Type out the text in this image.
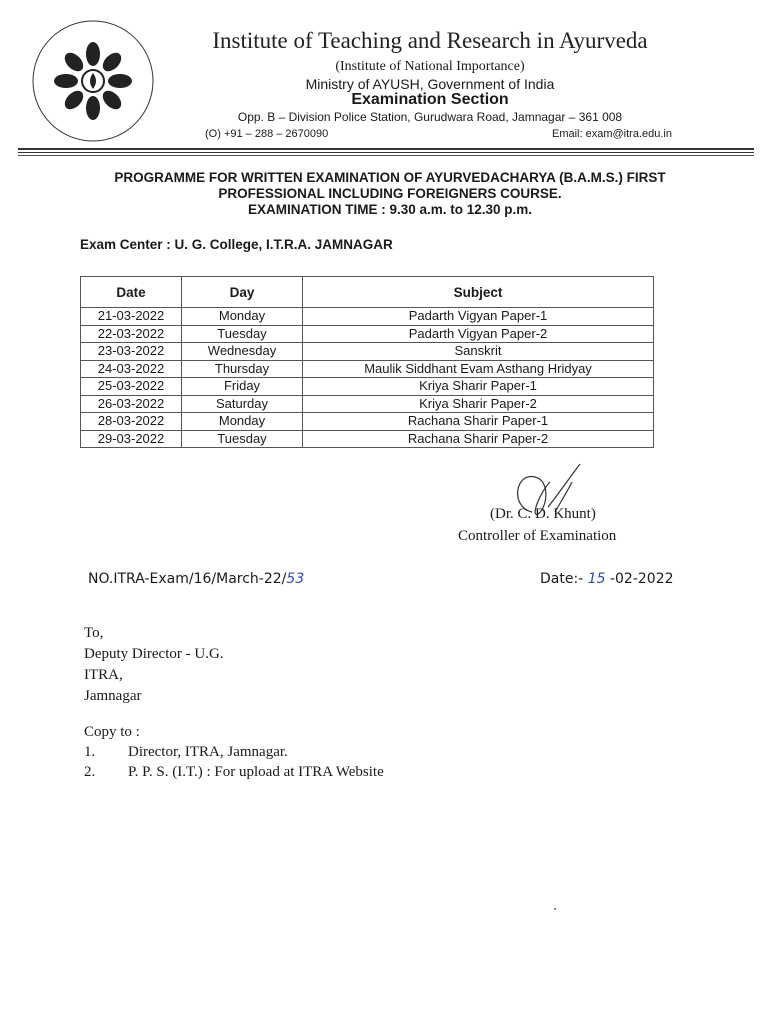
Institute of Teaching and Research in Ayurveda
(Institute of National Importance)
Ministry of AYUSH, Government of India
Examination Section
Opp. B – Division Police Station, Gurudwara Road, Jamnagar – 361 008
(O) +91 – 288 – 2670090	Email: exam@itra.edu.in
PROGRAMME FOR WRITTEN EXAMINATION OF AYURVEDACHARYA (B.A.M.S.) FIRST
PROFESSIONAL INCLUDING FOREIGNERS COURSE.
EXAMINATION TIME : 9.30 a.m. to 12.30 p.m.
Exam Center : U. G. College, I.T.R.A. JAMNAGAR
Date	Day	Subject
21-03-2022	Monday	Padarth Vigyan Paper-1
22-03-2022	Tuesday	Padarth Vigyan Paper-2
23-03-2022	Wednesday	Sanskrit
24-03-2022	Thursday	Maulik Siddhant Evam Asthang Hridyay
25-03-2022	Friday	Kriya Sharir Paper-1
26-03-2022	Saturday	Kriya Sharir Paper-2
28-03-2022	Monday	Rachana Sharir Paper-1
29-03-2022	Tuesday	Rachana Sharir Paper-2
(Dr. C. D. Khunt)
Controller of Examination
NO.ITRA-Exam/16/March-22/53	Date:- 15 -02-2022
To,
Deputy Director - U.G.
ITRA,
Jamnagar
Copy to :
1. Director, ITRA, Jamnagar.
2. P. P. S. (I.T.) : For upload at ITRA Website
